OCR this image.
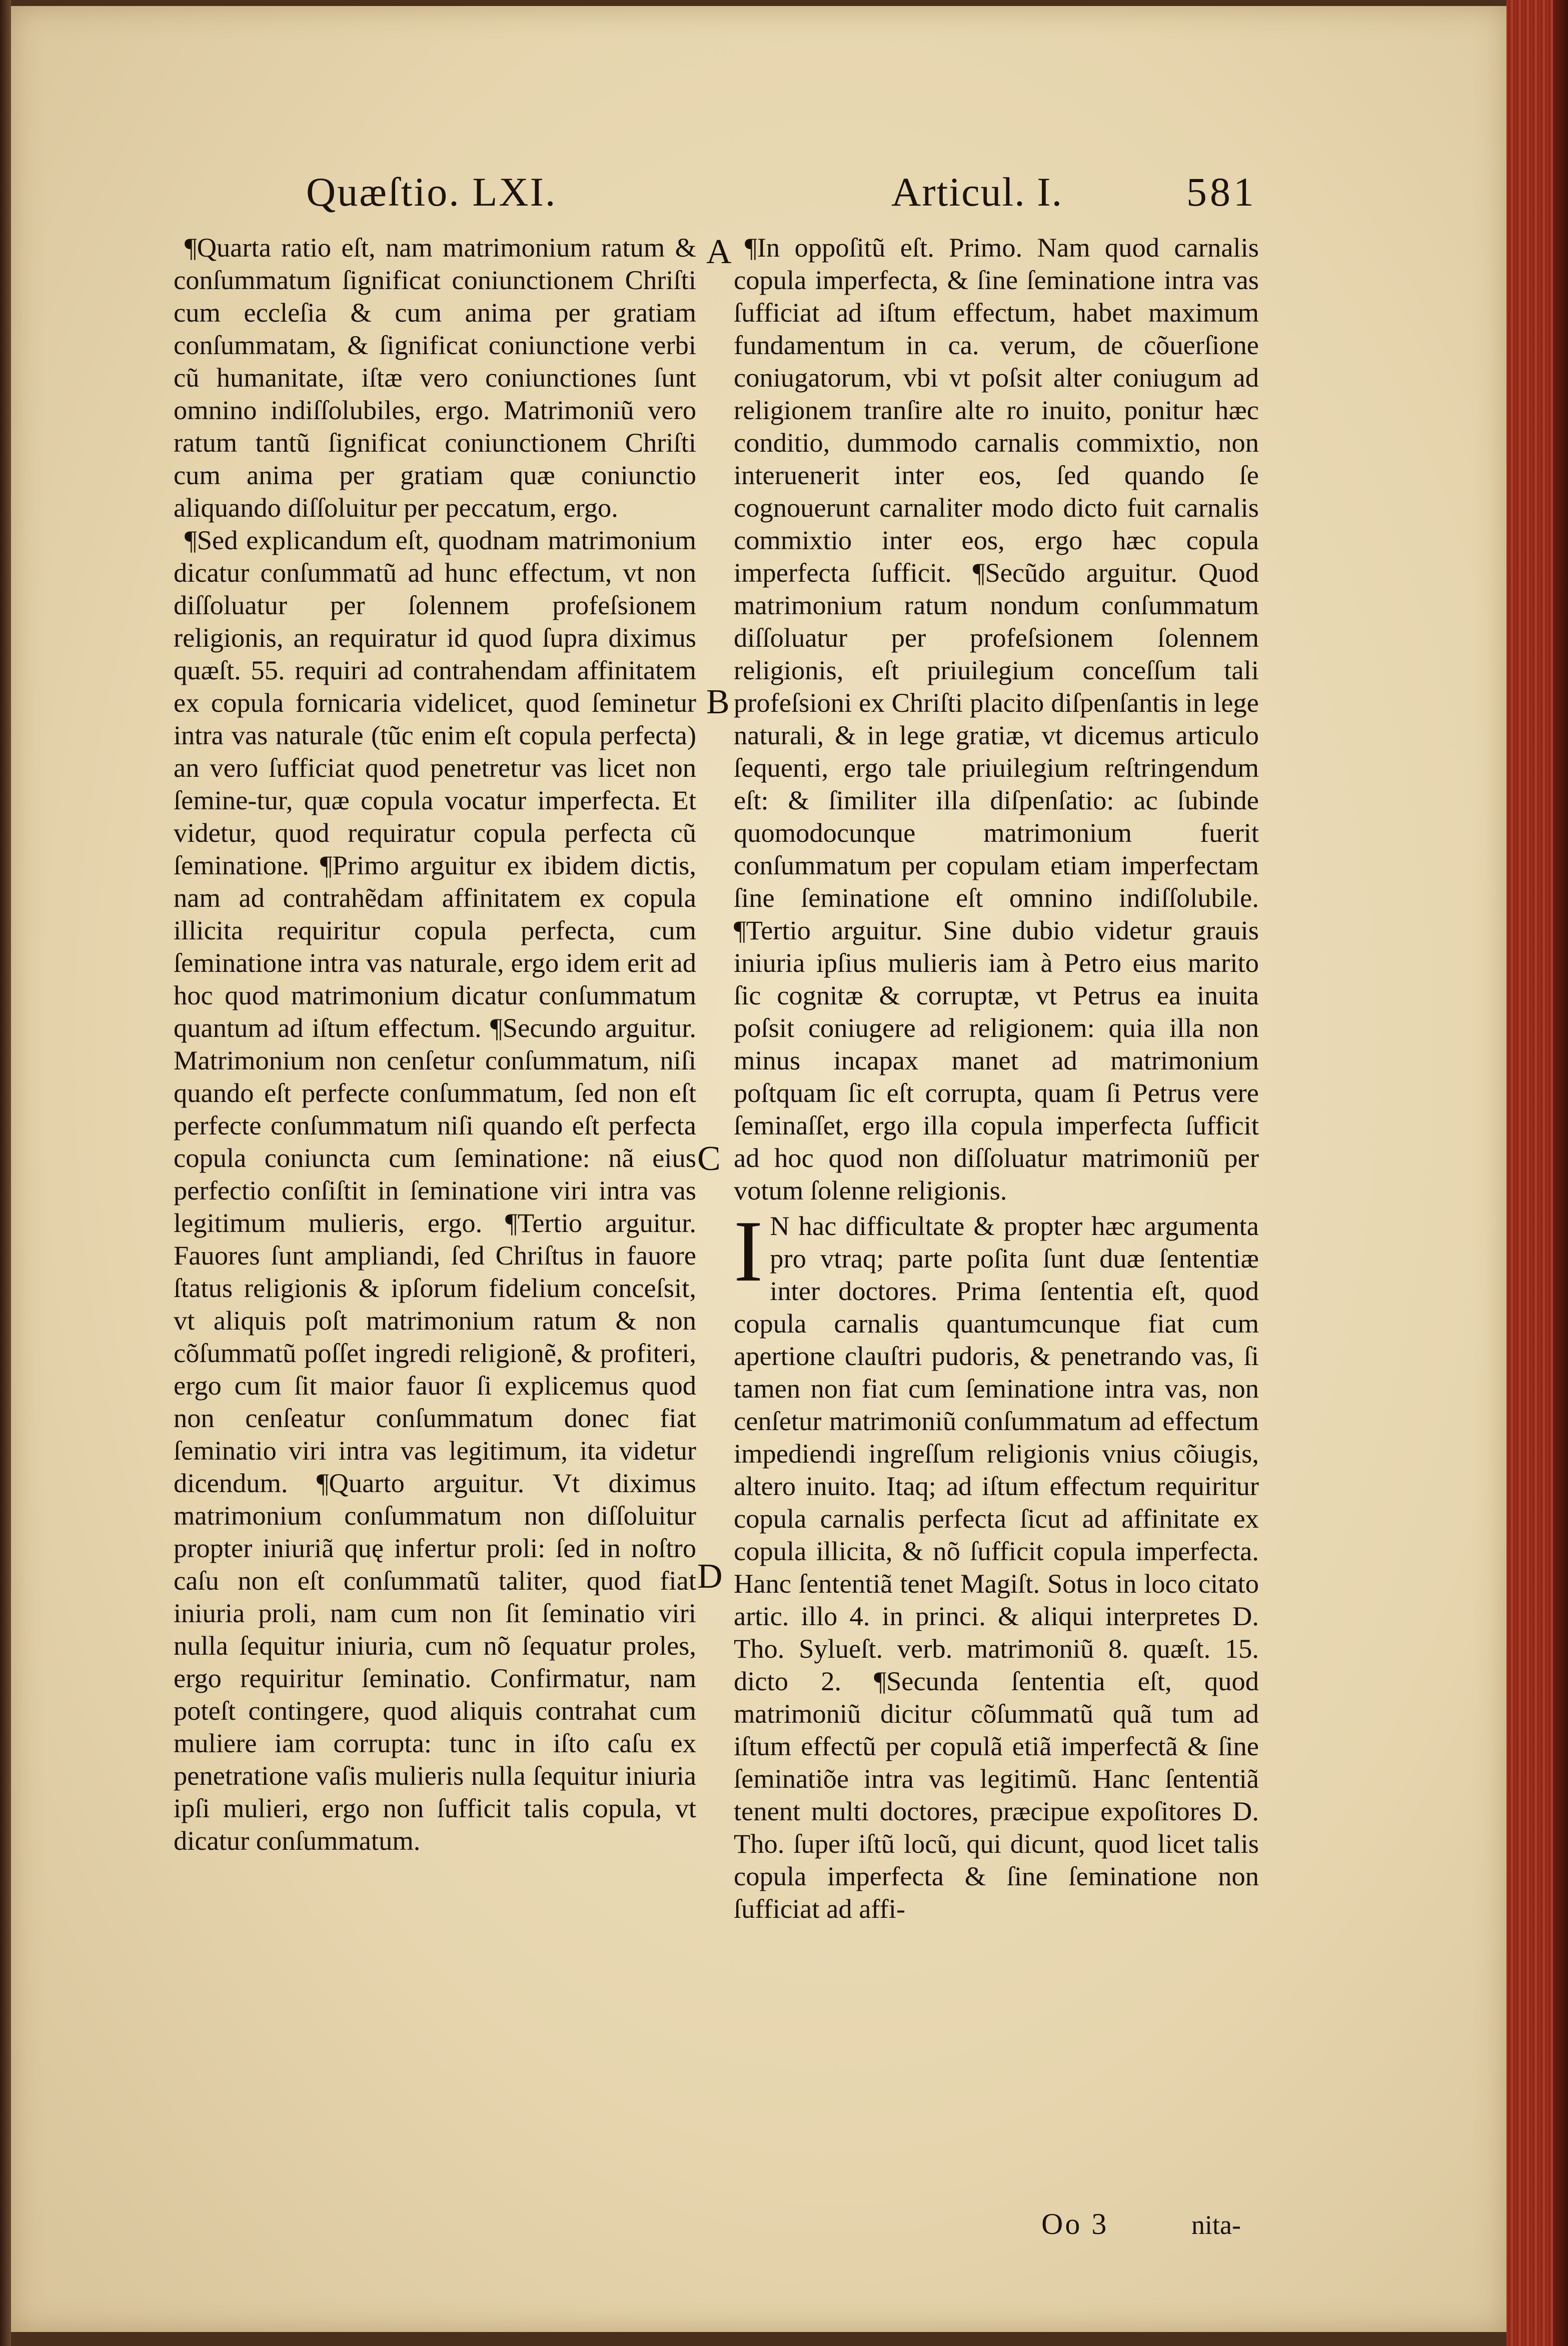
Quæſtio. LXI.	Articul. I.	581

¶Quarta ratio eſt, nam matrimonium ratum & conſummatum ſignificat coniunctionem Chriſti cum eccleſia & cum anima per gratiam conſummatam, & ſignificat coniunctione verbi cũ humanitate, iſtæ vero coniunctiones ſunt omnino indiſſolubiles, ergo. Matrimoniũ vero ratum tantũ ſignificat coniunctionem Chriſti cum anima per gratiam quæ coniunctio aliquando diſſoluitur per peccatum, ergo.

¶Sed explicandum eſt, quodnam matrimonium dicatur conſummatũ ad hunc effectum, vt non diſſoluatur per ſolennem profeſsionem religionis, an requiratur id quod ſupra diximus quæſt. 55. requiri ad contrahendam affinitatem ex copula fornicaria videlicet, quod ſeminetur intra vas naturale (tũc enim eſt copula perfecta) an vero ſufficiat quod penetretur vas licet non ſemine-tur, quæ copula vocatur imperfecta. Et videtur, quod requiratur copula perfecta cũ ſeminatione. ¶Primo arguitur ex ibidem dictis, nam ad contrahẽdam affinitatem ex copula illicita requiritur copula perfecta, cum ſeminatione intra vas naturale, ergo idem erit ad hoc quod matrimonium dicatur conſummatum quantum ad iſtum effectum. ¶Secundo arguitur. Matrimonium non cenſetur conſummatum, niſi quando eſt perfecte conſummatum, ſed non eſt perfecte conſummatum niſi quando eſt perfecta copula coniuncta cum ſeminatione: nã eius perfectio conſiſtit in ſeminatione viri intra vas legitimum mulieris, ergo. ¶Tertio arguitur. Fauores ſunt ampliandi, ſed Chriſtus in fauore ſtatus religionis & ipſorum fidelium conceſsit, vt aliquis poſt matrimonium ratum & non cõſummatũ poſſet ingredi religionẽ, & profiteri, ergo cum ſit maior fauor ſi explicemus quod non cenſeatur conſummatum donec fiat ſeminatio viri intra vas legitimum, ita videtur dicendum. ¶Quarto arguitur. Vt diximus matrimonium conſummatum non diſſoluitur propter iniuriã quę infertur proli: ſed in noſtro caſu non eſt conſummatũ taliter, quod fiat iniuria proli, nam cum non ſit ſeminatio viri nulla ſequitur iniuria, cum nõ ſequatur proles, ergo requiritur ſeminatio. Confirmatur, nam poteſt contingere, quod aliquis contrahat cum muliere iam corrupta: tunc in iſto caſu ex penetratione vaſis mulieris nulla ſequitur iniuria ipſi mulieri, ergo non ſufficit talis copula, vt dicatur conſummatum.

A
B
C
D

¶In oppoſitũ eſt. Primo. Nam quod carnalis copula imperfecta, & ſine ſeminatione intra vas ſufficiat ad iſtum effectum, habet maximum fundamentum in ca. verum, de cõuerſione coniugatorum, vbi vt poſsit alter coniugum ad religionem tranſire alte ro inuito, ponitur hæc conditio, dummodo carnalis commixtio, non interuenerit inter eos, ſed quando ſe cognouerunt carnaliter modo dicto fuit carnalis commixtio inter eos, ergo hæc copula imperfecta ſufficit. ¶Secũdo arguitur. Quod matrimonium ratum nondum conſummatum diſſoluatur per profeſsionem ſolennem religionis, eſt priuilegium conceſſum tali profeſsioni ex Chriſti placito diſpenſantis in lege naturali, & in lege gratiæ, vt dicemus articulo ſequenti, ergo tale priuilegium reſtringendum eſt: & ſimiliter illa diſpenſatio: ac ſubinde quomodocunque matrimonium fuerit conſummatum per copulam etiam imperfectam ſine ſeminatione eſt omnino indiſſolubile. ¶Tertio arguitur. Sine dubio videtur grauis iniuria ipſius mulieris iam à Petro eius marito ſic cognitæ & corruptæ, vt Petrus ea inuita poſsit coniugere ad religionem: quia illa non minus incapax manet ad matrimonium poſtquam ſic eſt corrupta, quam ſi Petrus vere ſeminaſſet, ergo illa copula imperfecta ſufficit ad hoc quod non diſſoluatur matrimoniũ per votum ſolenne religionis.

I N hac difficultate & propter hæc argumenta pro vtraq; parte poſita ſunt duæ ſententiæ inter doctores. Prima ſententia eſt, quod copula carnalis quantumcunque fiat cum apertione clauſtri pudoris, & penetrando vas, ſi tamen non fiat cum ſeminatione intra vas, non cenſetur matrimoniũ conſummatum ad effectum impediendi ingreſſum religionis vnius cõiugis, altero inuito. Itaq; ad iſtum effectum requiritur copula carnalis perfecta ſicut ad affinitate ex copula illicita, & nõ ſufficit copula imperfecta. Hanc ſententiã tenet Magiſt. Sotus in loco citato artic. illo 4. in princi. & aliqui interpretes D. Tho. Sylueſt. verb. matrimoniũ 8. quæſt. 15. dicto 2. ¶Secunda ſententia eſt, quod matrimoniũ dicitur cõſummatũ quã tum ad iſtum effectũ per copulã etiã imperfectã & ſine ſeminatiõe intra vas legitimũ. Hanc ſententiã tenent multi doctores, præcipue expoſitores D. Tho. ſuper iſtũ locũ, qui dicunt, quod licet talis copula imperfecta & ſine ſeminatione non ſufficiat ad affi-

Oo 3	nita-
